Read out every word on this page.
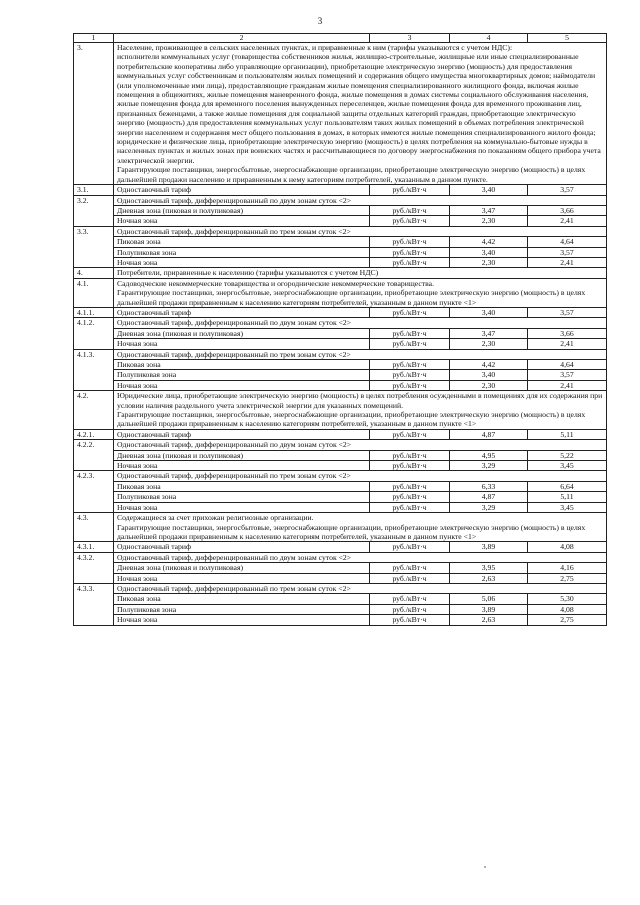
3
1	2	3	4	5
3.	Население, проживающее в сельских населенных пунктах, и приравненные к ним (тарифы указываются с учетом НДС):
исполнители коммунальных услуг (товарищества собственников жилья, жилищно-строительные, жилищные или иные специализированные потребительские кооперативы либо управляющие организации), приобретающие электрическую энергию (мощность) для предоставления коммунальных услуг собственникам и пользователям жилых помещений и содержания общего имущества многоквартирных домов; наймодатели (или уполномоченные ими лица), предоставляющие гражданам жилые помещения специализированного жилищного фонда, включая жилые помещения в общежитиях, жилые помещения маневренного фонда, жилые помещения в домах системы социального обслуживания населения, жилые помещения фонда для временного поселения вынужденных переселенцев, жилые помещения фонда для временного проживания лиц, признанных беженцами, а также жилые помещения для социальной защиты отдельных категорий граждан, приобретающие электрическую энергию (мощность) для предоставления коммунальных услуг пользователям таких жилых помещений в объемах потребления электрической энергии населением и содержания мест общего пользования в домах, в которых имеются жилые помещения специализированного жилого фонда;
юридические и физические лица, приобретающие электрическую энергию (мощность) в целях потребления на коммунально-бытовые нужды в населенных пунктах и жилых зонах при воинских частях и рассчитывающиеся по договору энергоснабжения по показаниям общего прибора учета электрической энергии.
Гарантирующие поставщики, энергосбытовые, энергоснабжающие организации, приобретающие электрическую энергию (мощность) в целях дальнейшей продажи населению и приравненным к нему категориям потребителей, указанным в данном пункте.			

3.1.	Одноставочный тариф	руб./кВт·ч	3,40	3,57
3.2.	Одноставочный тариф, дифференцированный по двум зонам суток <2>			
	Дневная зона (пиковая и полупиковая)	руб./кВт·ч	3,47	3,66
	Ночная зона	руб./кВт·ч	2,30	2,41
3.3.	Одноставочный тариф, дифференцированный по трем зонам суток <2>			
	Пиковая зона	руб./кВт·ч	4,42	4,64
	Полупиковая зона	руб./кВт·ч	3,40	3,57
	Ночная зона	руб./кВт·ч	2,30	2,41
4.	Потребители, приравненные к населению (тарифы указываются с учетом НДС)			

4.1.	Садоводческие некоммерческие товарищества и огороднические некоммерческие товарищества.
Гарантирующие поставщики, энергосбытовые, энергоснабжающие организации, приобретающие электрическую энергию (мощность) в целях дальнейшей продажи приравненным к населению категориям потребителей, указанным в данном пункте <1>			

4.1.1.	Одноставочный тариф	руб./кВт·ч	3,40	3,57
4.1.2.	Одноставочный тариф, дифференцированный по двум зонам суток <2>			
	Дневная зона (пиковая и полупиковая)	руб./кВт·ч	3,47	3,66
	Ночная зона	руб./кВт·ч	2,30	2,41
4.1.3.	Одноставочный тариф, дифференцированный по трем зонам суток <2>			
	Пиковая зона	руб./кВт·ч	4,42	4,64
	Полупиковая зона	руб./кВт·ч	3,40	3,57
	Ночная зона	руб./кВт·ч	2,30	2,41
4.2.	Юридические лица, приобретающие электрическую энергию (мощность) в целях потребления осужденными в помещениях для их содержания при условии наличия раздельного учета электрической энергии для указанных помещений.
Гарантирующие поставщики, энергосбытовые, энергоснабжающие организации, приобретающие электрическую энергию (мощность) в целях дальнейшей продажи приравненным к населению категориям потребителей, указанным в данном пункте <1>			

4.2.1.	Одноставочный тариф	руб./кВт·ч	4,87	5,11
4.2.2.	Одноставочный тариф, дифференцированный по двум зонам суток <2>			
	Дневная зона (пиковая и полупиковая)	руб./кВт·ч	4,95	5,22
	Ночная зона	руб./кВт·ч	3,29	3,45
4.2.3.	Одноставочный тариф, дифференцированный по трем зонам суток <2>			
	Пиковая зона	руб./кВт·ч	6,33	6,64
	Полупиковая зона	руб./кВт·ч	4,87	5,11
	Ночная зона	руб./кВт·ч	3,29	3,45
4.3.	Содержащиеся за счет прихожан религиозные организации.
Гарантирующие поставщики, энергосбытовые, энергоснабжающие организации, приобретающие электрическую энергию (мощность) в целях дальнейшей продажи приравненным к населению категориям потребителей, указанным в данном пункте <1>			

4.3.1.	Одноставочный тариф	руб./кВт·ч	3,89	4,08
4.3.2.	Одноставочный тариф, дифференцированный по двум зонам суток <2>			
	Дневная зона (пиковая и полупиковая)	руб./кВт·ч	3,95	4,16
	Ночная зона	руб./кВт·ч	2,63	2,75
4.3.3.	Одноставочный тариф, дифференцированный по трем зонам суток <2>			
	Пиковая зона	руб./кВт·ч	5,06	5,30
	Полупиковая зона	руб./кВт·ч	3,89	4,08
	Ночная зона	руб./кВт·ч	2,63	2,75
